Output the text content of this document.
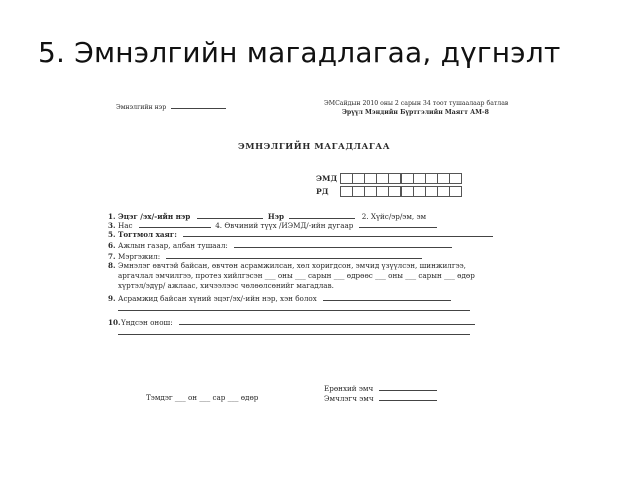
5. Эмнэлгийн магадлагаа, дүгнэлт
Эмнэлгийн нэр
ЭМСайдын 2010 оны 2 сарын 34 тоот тушаалаар батлав
Эрүүл Мэндийн Бүртгэлийн Маягт АМ-8
ЭМНЭЛГИЙН МАГАДЛАГАА
ЭМД
РД
1. Эцэг /эх/-ийн нэр	Нэр	2. Хүйс/эр/эм, эм
3. Нас	4. Өвчиний түүх /ИЭМД/-ийн дугаар
5. Тогтмол хаяг:
6. Ажлын газар, албан тушаал:
7. Мэргэжил:
8. Эмнэлэг өвчтэй байсан, өвчтөн асрамжилсан, хөл хоригдсон, эмчид үзүүлсэн, шинжилгээ,
аргачлал эмчилгээ, протез хийлгэсэн ___ оны ___ сарын ___ өдрөөс ___ оны ___ сарын ___ өдөр
хүртэл/эдүр/ ажлаас, хичээлээс чөлөөлсөнийг магадлав.
9. Асрамжид байсан хүний эцэг/эх/-ийн нэр, хэн болох
10.Үндсэн онош:
Ерөнхий эмч
Тэмдэг ___ он ___ сар ___ өдөр	Эмчлэгч эмч
